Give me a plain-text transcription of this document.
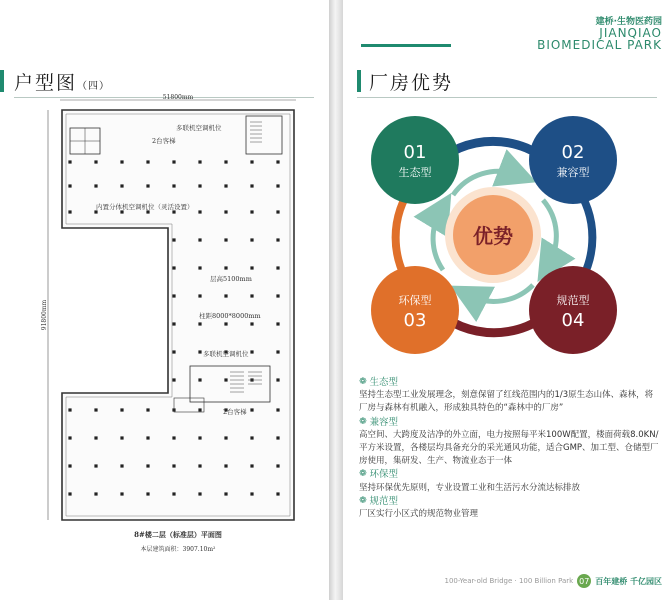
户型图（四）
51800mm
91800mm
2台客梯
多联机空调机位
内置分体机空调机位（灵活设置）
层高5100mm
柱距8000*8000mm
多联机空调机位
2台客梯
8#楼二层（标准层）平面图
本层建筑面积：3907.10m²
建桥·生物医药园
JIANQIAO
BIOMEDICAL PARK
厂房优势
优势
01
生态型
02
兼容型
03
环保型
04
规范型
❁ 生态型
坚持生态型工业发展理念，刻意保留了红线范围内的1/3原生态山体、森林，将厂房与森林有机融入，形成独具特色的“森林中的厂房”
❁ 兼容型
高空间、大跨度及洁净的外立面，电力按照每平米100W配置，楼面荷载8.0KN/平方米设置，各楼层均具备充分的采光通风功能，适合GMP、加工型、仓储型厂房使用，集研发、生产、物流业态于一体
❁ 环保型
坚持环保优先原则，专业设置工业和生活污水分流达标排放
❁ 规范型
厂区实行小区式的规范物业管理
100-Year-old Bridge · 100 Billion Park 07 百年建桥 千亿园区
